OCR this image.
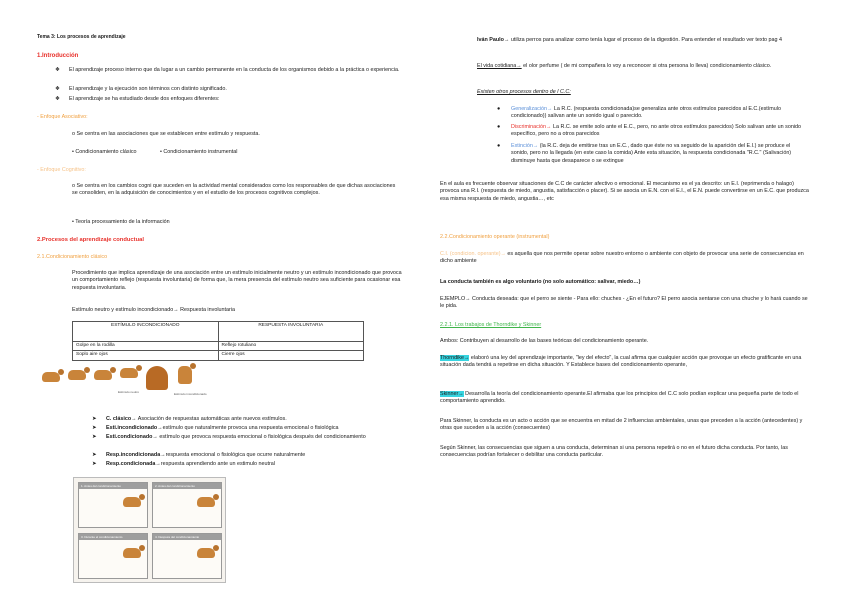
Tema 3: Los procesos de aprendizaje
1.Introducción
❖	El aprendizaje proceso interno que da lugar a un cambio permanente en la conducta de los organismos debido a la práctica o experiencia.
❖	El aprendizaje y la ejecución son términos con distinto significado.
❖	El aprendizaje se ha estudiado desde dos enfoques diferentes:
- Enfoque Asociativo:
o Se centra en las asociaciones que se establecen entre estímulo y respuesta.
• Condicionamiento clásico	• Condicionamiento instrumental
- Enfoque Cognitivo:
o Se centra en los cambios cogni que suceden en la actividad mental considerados como los responsables de que dichas asociaciones se consoliden, en la adquisición de conocimientos y en el estudio de los procesos cognitivos complejos.
• Teoría procesamiento de la información
2.Procesos del aprendizaje conductual
2.1.Condicionamiento clásico
Procedimiento que implica aprendizaje de una asociación entre un estímulo inicialmente neutro y un estímulo incondicionado que provoca un comportamiento reflejo (respuesta involuntaria) de forma que, la mera presencia del estímulo neutro sea suficiente para ocasionar esa respuesta involuntaria.
Estímulo neutro y estímulo incondicionado→ Respuesta involuntaria
ESTÍMULO INCONDICIONADO	RESPUESTA INVOLUNTARIA
Golpe en la rodilla	Reflejo rotuliano
Soplo aire ojos	Cierre ojos
Estímulo neutro	Estímulo incondicionado
➤	C. clásico→ Asociación de respuestas automáticas ante nuevos estímulos.
➤	Esti.incondicionado→estímulo que naturalmente provoca una respuesta emocional o fisiológica
➤	Esti.condicionado→ estímulo que provoca respuesta emocional o fisiológica después del condicionamiento
➤	Resp.incondicionada→respuesta emocional o fisiológica que ocurre naturalmente
➤	Resp.condicionada→respuesta aprendiendo ante un estimulo neutral
1. Antes del condicionamiento	2. Antes del condicionamiento
3. Durante el condicionamiento	4. Después del condicionamiento
Iván Paulo→ utiliza perros para analizar como tenía lugar el proceso de la digestión. Para entender el resultado ver texto pag 4
El vida cotidiana→ el olor perfume ( de mi compañera lo voy a reconocer si otra persona lo lleva) condicionamiento clásico.
Existen otros procesos dentro de l C.C:
●	Generalización→ La R.C. (respuesta condicionada)se generaliza ante otros estímulos parecidos al E.C.(estímulo condicionado)) salivan ante un sonido igual o parecido.
●	Discriminación→ La R.C. se emite solo ante el E.C., pero, no ante otros estímulos parecidos) Solo salivan ante un sonido específico, pero no a otros parecidos
●	Extinción→ (la R.C. deja de emitirse tras un E.C., dado que éste no va seguido de la aparición del E.I.) se produce el sonido, pero no la llegada (en este caso la comida) Ante esta situación, la respuesta condicionada "R.C." (Salivación) disminuye hasta que desaparece o se extingue
En el aula es frecuente observar situaciones de C.C de carácter afectivo o emocional. El mecanismo es el ya descrito: un E.I. (reprimenda o halago) provoca una R.I. (respuesta de miedo, angustia, satisfacción o placer). Si se asocia un E.N. con el E.I., el E.N. puede convertirse en un E.C. que produzca esa misma respuesta de miedo, angustia…, etc
2.2.Condicionamiento operante (instrumental)
C.I. (condicion. operante)→ es aquella que nos permite operar sobre nuestro entorno o ambiente con objeto de provocar una serie de consecuencias en dicho ambiente
La conducta también es algo voluntario (no solo automático: salivar, miedo…)
EJEMPLO→ Conducta deseada: que el perro se siente - Para ello: chuches - ¿En el futuro? El perro asocia sentarse con una chuche y lo hará cuando se le pida.
2.2.1. Los trabajos de Thorndike y Skinner
Ambos: Contribuyen al desarrollo de las bases teóricas del condicionamiento operante.
Thorndike→ elaboró una ley del aprendizaje importante, "ley del efecto", la cual afirma que cualquier acción que provoque un efecto gratificante en una situación dada tendrá a repetirse en dicha situación. Y Establece bases del condicionamiento operante,
Skinner→ Desarrolla la teoría del condicionamiento operante.El afirmaba que los principios del C.C solo podían explicar una pequeña parte de todo el comportamiento aprendido.
Para Skinner, la conducta es un acto o acción que se encuentra en mitad de 2 influencias ambientales, unas que preceden a la acción (antecedentes) y otras que suceden a la acción (consecuentes)
Según Skinner, las consecuencias que siguen a una conducta, determinan si una persona repetirá o no en el futuro dicha conducta. Por tanto, las consecuencias podrían fortalecer o debilitar una conducta particular.
